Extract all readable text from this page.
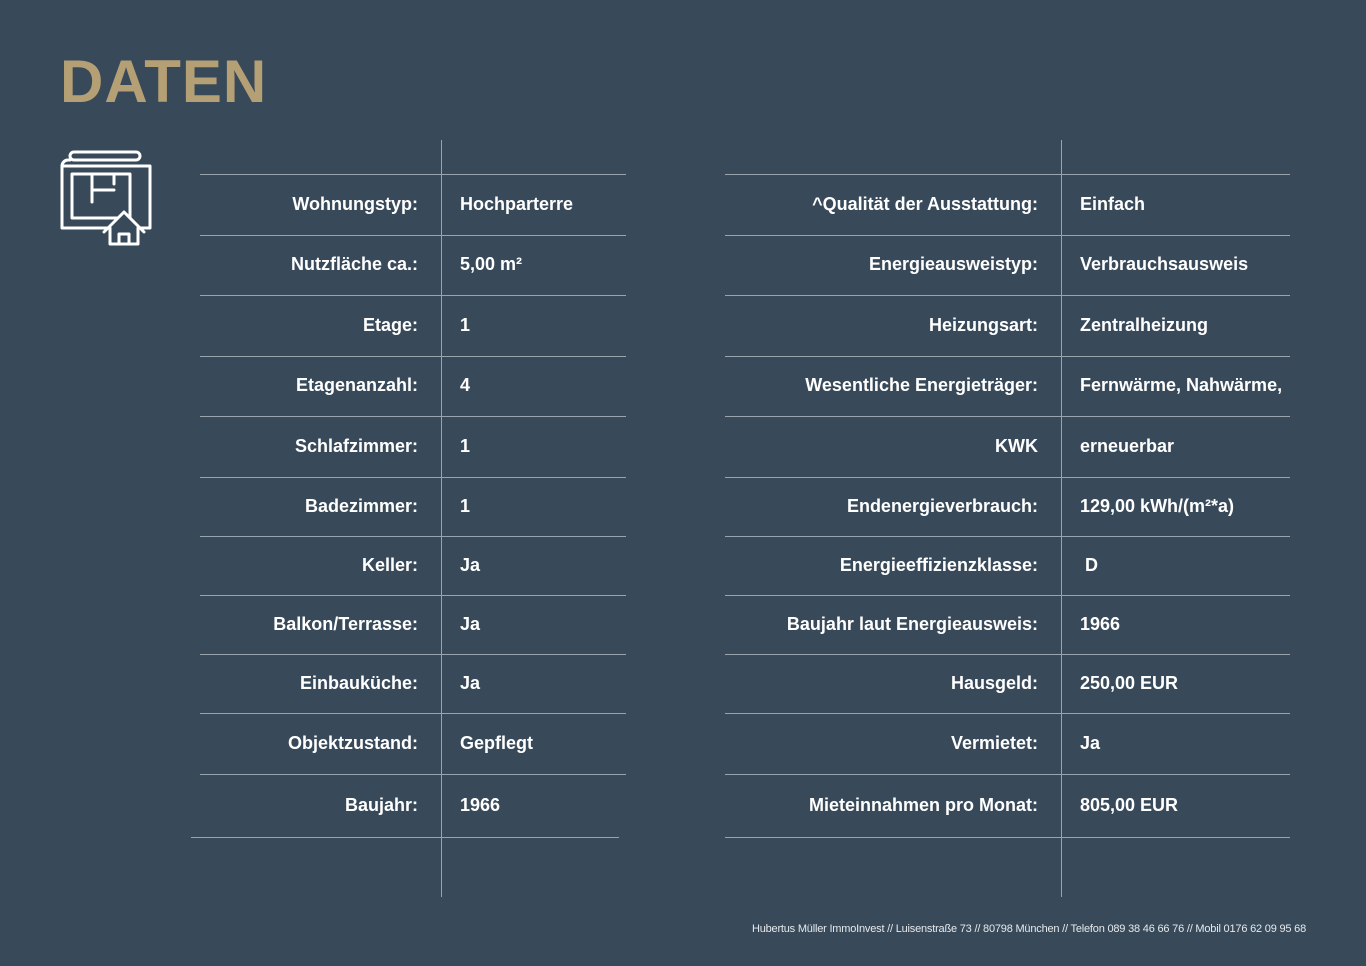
DATEN
Wohnungstyp: Hochparterre
Nutzfläche ca.: 5,00 m²
Etage: 1
Etagenanzahl: 4
Schlafzimmer: 1
Badezimmer: 1
Keller: Ja
Balkon/Terrasse: Ja
Einbauküche: Ja
Objektzustand: Gepflegt
Baujahr: 1966
^Qualität der Ausstattung: Einfach
Energieausweistyp: Verbrauchsausweis
Heizungsart: Zentralheizung
Wesentliche Energieträger: Fernwärme, Nahwärme,
KWK erneuerbar
Endenergieverbrauch: 129,00 kWh/(m²*a)
Energieeffizienzklasse: D
Baujahr laut Energieausweis: 1966
Hausgeld: 250,00 EUR
Vermietet: Ja
Mieteinnahmen pro Monat: 805,00 EUR
Hubertus Müller ImmoInvest // Luisenstraße 73 // 80798 München // Telefon 089 38 46 66 76 // Mobil 0176 62 09 95 68
